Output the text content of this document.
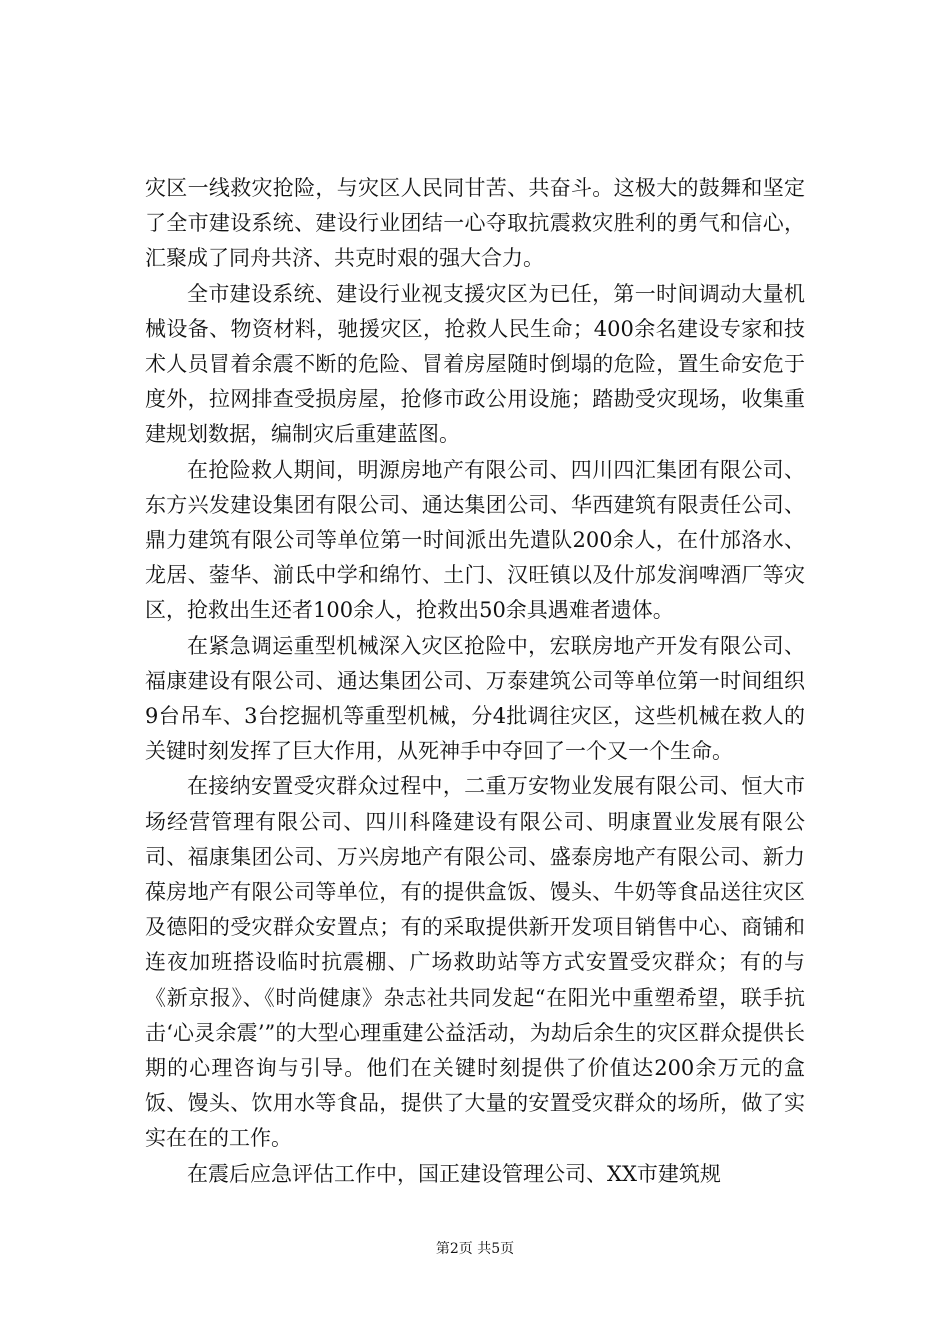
灾区一线救灾抢险，与灾区人民同甘苦、共奋斗。这极大的鼓舞和坚定了全市建设系统、建设行业团结一心夺取抗震救灾胜利的勇气和信心，汇聚成了同舟共济、共克时艰的强大合力。

全市建设系统、建设行业视支援灾区为已任，第一时间调动大量机械设备、物资材料，驰援灾区，抢救人民生命；400余名建设专家和技术人员冒着余震不断的危险、冒着房屋随时倒塌的危险，置生命安危于度外，拉网排查受损房屋，抢修市政公用设施；踏勘受灾现场，收集重建规划数据，编制灾后重建蓝图。

在抢险救人期间，明源房地产有限公司、四川四汇集团有限公司、东方兴发建设集团有限公司、通达集团公司、华西建筑有限责任公司、鼎力建筑有限公司等单位第一时间派出先遣队200余人，在什邡洛水、龙居、蓥华、湔氐中学和绵竹、土门、汉旺镇以及什邡发润啤酒厂等灾区，抢救出生还者100余人，抢救出50余具遇难者遗体。

在紧急调运重型机械深入灾区抢险中，宏联房地产开发有限公司、福康建设有限公司、通达集团公司、万泰建筑公司等单位第一时间组织9台吊车、3台挖掘机等重型机械，分4批调往灾区，这些机械在救人的关键时刻发挥了巨大作用，从死神手中夺回了一个又一个生命。

在接纳安置受灾群众过程中，二重万安物业发展有限公司、恒大市场经营管理有限公司、四川科隆建设有限公司、明康置业发展有限公司、福康集团公司、万兴房地产有限公司、盛泰房地产有限公司、新力葆房地产有限公司等单位，有的提供盒饭、馒头、牛奶等食品送往灾区及德阳的受灾群众安置点；有的采取提供新开发项目销售中心、商铺和连夜加班搭设临时抗震棚、广场救助站等方式安置受灾群众；有的与《新京报》、《时尚健康》杂志社共同发起“在阳光中重塑希望，联手抗击‘心灵余震’”的大型心理重建公益活动，为劫后余生的灾区群众提供长期的心理咨询与引导。他们在关键时刻提供了价值达200余万元的盒饭、馒头、饮用水等食品，提供了大量的安置受灾群众的场所，做了实实在在的工作。

在震后应急评估工作中，国正建设管理公司、XX市建筑规

第2页 共5页
